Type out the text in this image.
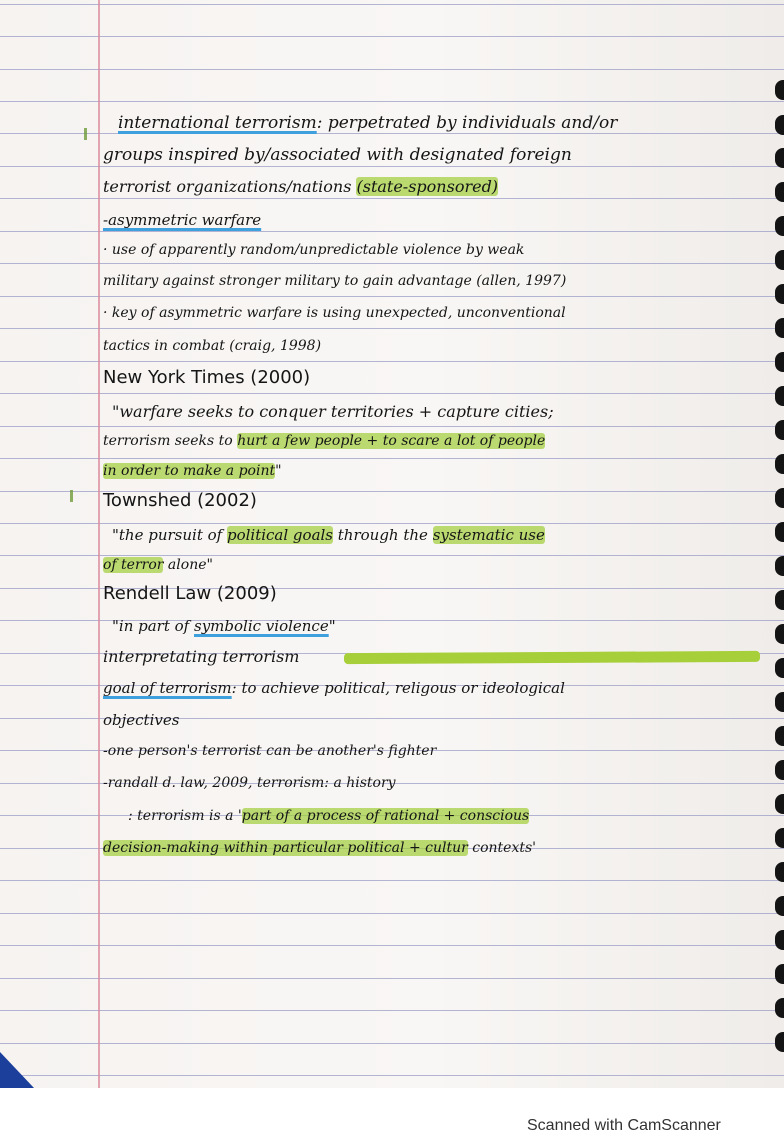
international terrorism: perpetrated by individuals and/or
groups inspired by/associated with designated foreign
terrorist organizations/nations (state-sponsored)
-asymmetric warfare
· use of apparently random/unpredictable violence by weak
military against stronger military to gain advantage (allen, 1997)
· key of asymmetric warfare is using unexpected, unconventional
tactics in combat (craig, 1998)
New York Times (2000)
"warfare seeks to conquer territories + capture cities;
terrorism seeks to hurt a few people + to scare a lot of people
in order to make a point"
Townshed (2002)
"the pursuit of political goals through the systematic use
of terror alone"
Rendell Law (2009)
"in part of symbolic violence"
interpretating terrorism
goal of terrorism: to achieve political, religous or ideological
objectives
-one person's terrorist can be another's fighter
-randall d. law, 2009, terrorism: a history
: terrorism is a 'part of a process of rational + conscious
decision-making within particular political + cultur contexts'
Scanned with CamScanner
